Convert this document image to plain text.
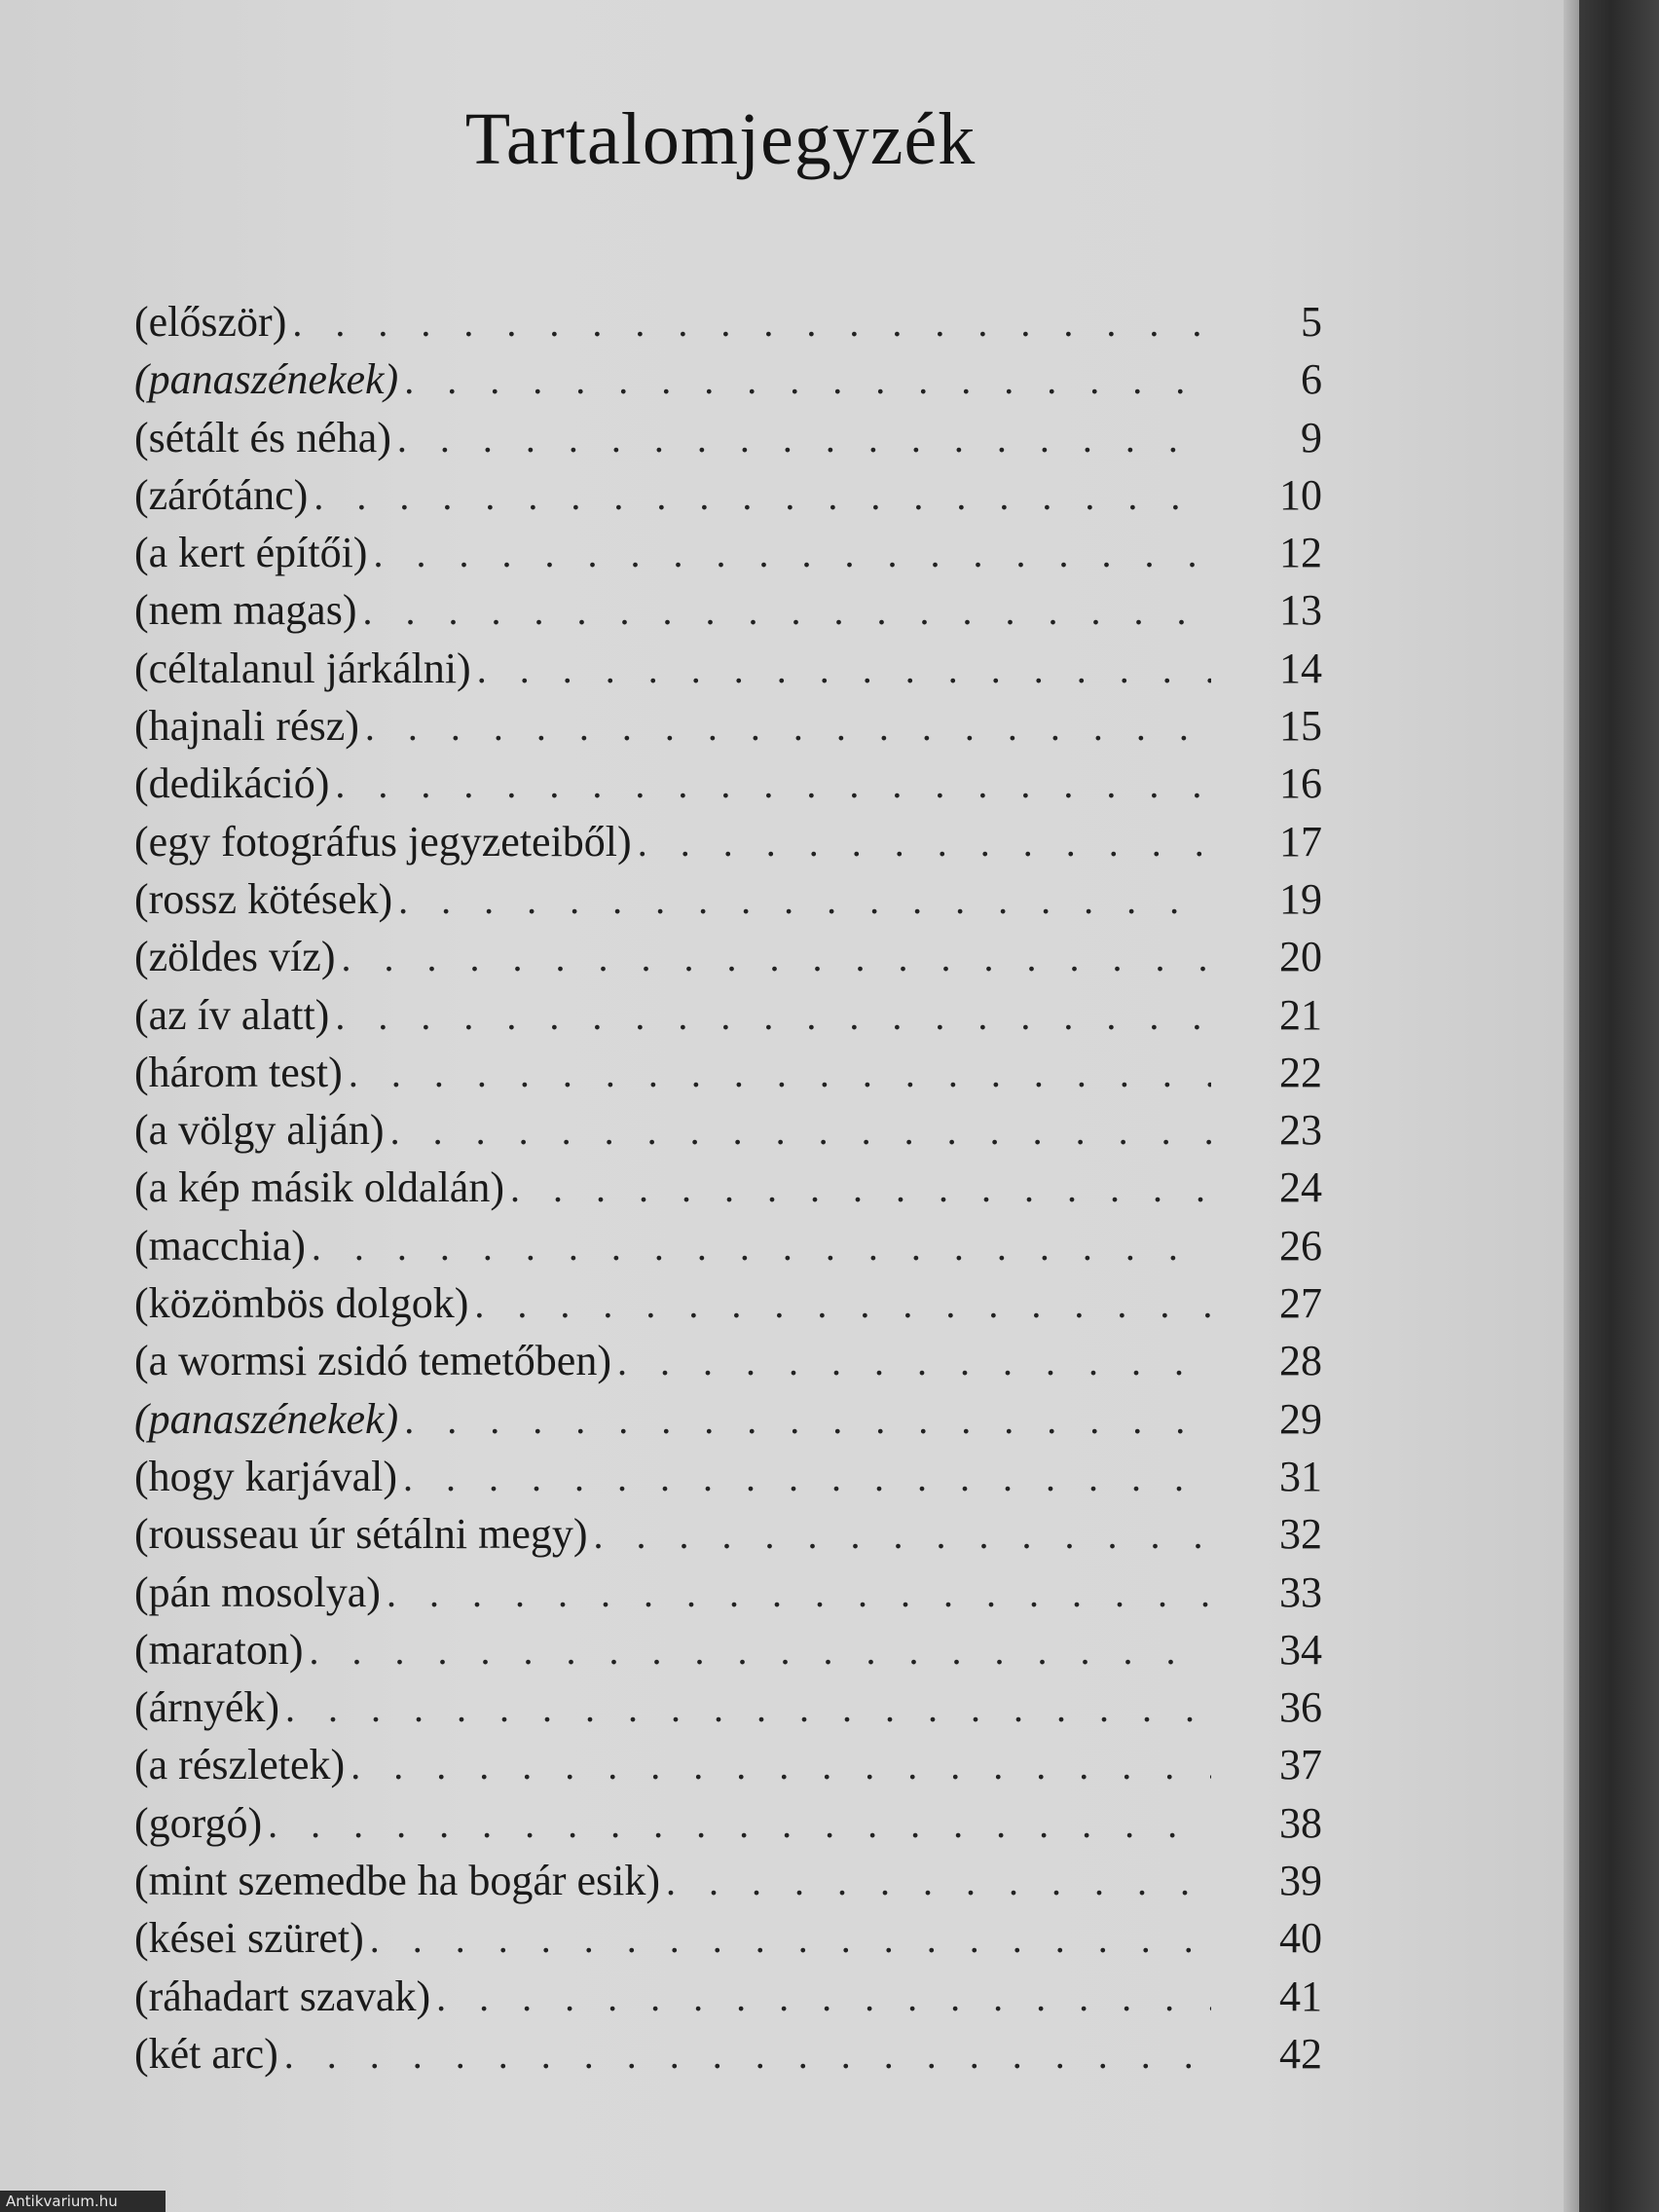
Tartalomjegyzék
(először) . . .	5
(panaszénekek) . . .	6
(sétált és néha) . . .	9
(zárótánc) . . .	10
(a kert építői) . . .	12
(nem magas) . . .	13
(céltalanul járkálni) . . .	14
(hajnali rész) . . .	15
(dedikáció) . . .	16
(egy fotográfus jegyzeteiből) . . .	17
(rossz kötések) . . .	19
(zöldes víz) . . .	20
(az ív alatt) . . .	21
(három test) . . .	22
(a völgy alján) . . .	23
(a kép másik oldalán) . . .	24
(macchia) . . .	26
(közömbös dolgok) . . .	27
(a wormsi zsidó temetőben) . . .	28
(panaszénekek) . . .	29
(hogy karjával) . . .	31
(rousseau úr sétálni megy) . . .	32
(pán mosolya) . . .	33
(maraton) . . .	34
(árnyék) . . .	36
(a részletek) . . .	37
(gorgó) . . .	38
(mint szemedbe ha bogár esik) . . .	39
(kései szüret) . . .	40
(ráhadart szavak) . . .	41
(két arc) . . .	42
Antikvarium.hu
